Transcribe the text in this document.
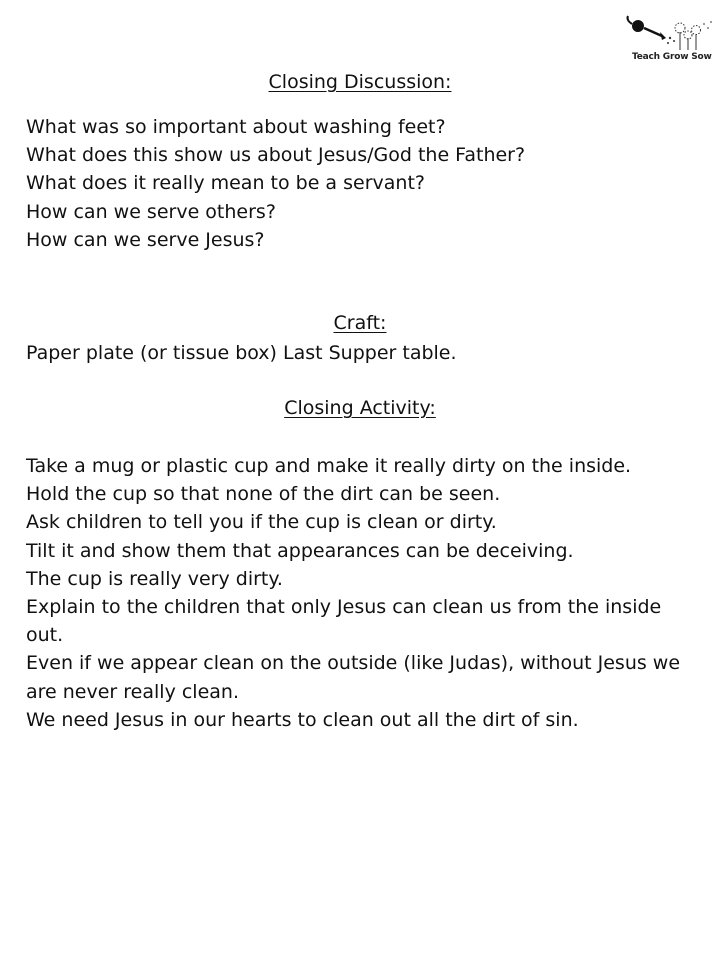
Teach Grow Sow
Closing Discussion:
What was so important about washing feet?
What does this show us about Jesus/God the Father?
What does it really mean to be a servant?
How can we serve others?
How can we serve Jesus?
Craft:
Paper plate (or tissue box) Last Supper table.
Closing Activity:
Take a mug or plastic cup and make it really dirty on the inside.
Hold the cup so that none of the dirt can be seen.
Ask children to tell you if the cup is clean or dirty.
Tilt it and show them that appearances can be deceiving.
The cup is really very dirty.
Explain to the children that only Jesus can clean us from the inside
out.
Even if we appear clean on the outside (like Judas), without Jesus we
are never really clean.
We need Jesus in our hearts to clean out all the dirt of sin.
